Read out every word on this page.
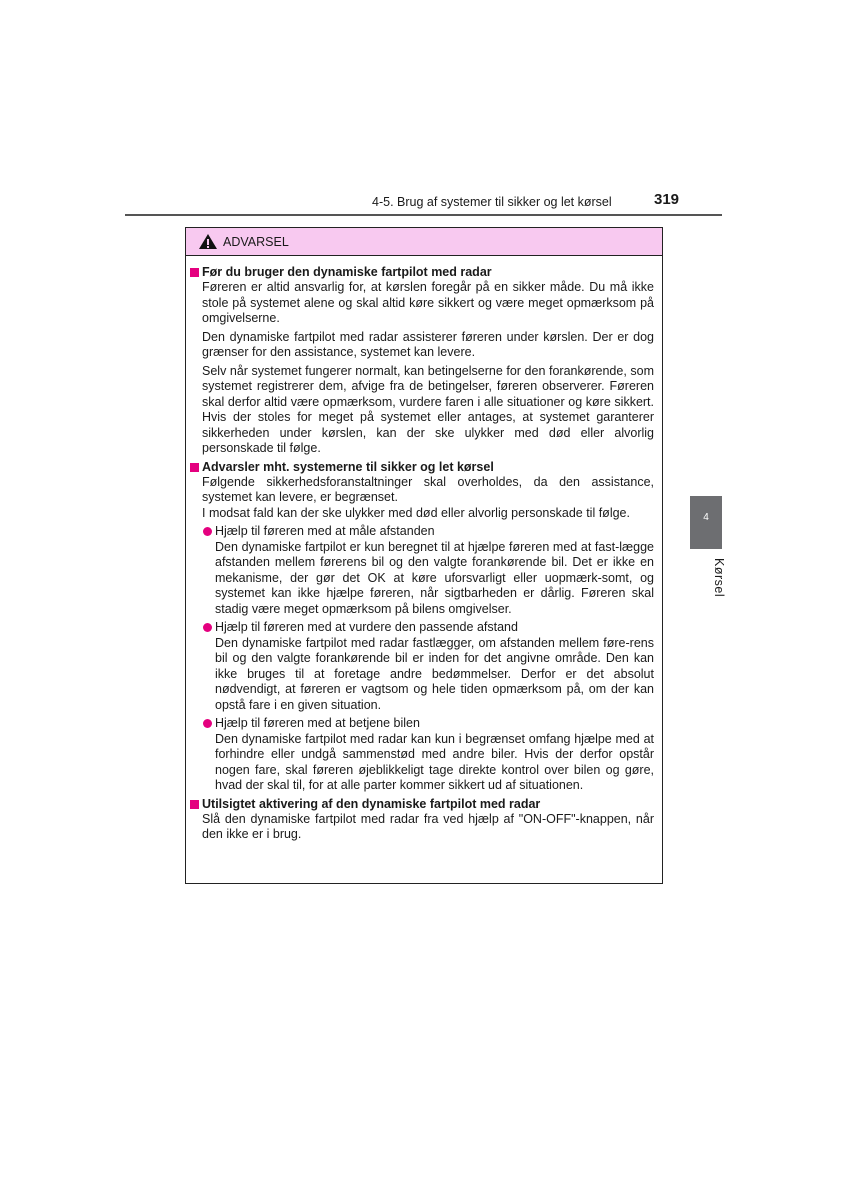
4-5. Brug af systemer til sikker og let kørsel	319
4
Kørsel
ADVARSEL
Før du bruger den dynamiske fartpilot med radar

Føreren er altid ansvarlig for, at kørslen foregår på en sikker måde. Du må ikke stole på systemet alene og skal altid køre sikkert og være meget opmærksom på omgivelserne.

Den dynamiske fartpilot med radar assisterer føreren under kørslen. Der er dog grænser for den assistance, systemet kan levere.

Selv når systemet fungerer normalt, kan betingelserne for den forankørende, som systemet registrerer dem, afvige fra de betingelser, føreren observerer. Føreren skal derfor altid være opmærksom, vurdere faren i alle situationer og køre sikkert. Hvis der stoles for meget på systemet eller antages, at systemet garanterer sikkerheden under kørslen, kan der ske ulykker med død eller alvorlig personskade til følge.

Advarsler mht. systemerne til sikker og let kørsel

Følgende sikkerhedsforanstaltninger skal overholdes, da den assistance, systemet kan levere, er begrænset.

I modsat fald kan der ske ulykker med død eller alvorlig personskade til følge.

Hjælp til føreren med at måle afstanden

Den dynamiske fartpilot er kun beregnet til at hjælpe føreren med at fast-lægge afstanden mellem førerens bil og den valgte forankørende bil. Det er ikke en mekanisme, der gør det OK at køre uforsvarligt eller uopmærk-somt, og systemet kan ikke hjælpe føreren, når sigtbarheden er dårlig. Føreren skal stadig være meget opmærksom på bilens omgivelser.

Hjælp til føreren med at vurdere den passende afstand

Den dynamiske fartpilot med radar fastlægger, om afstanden mellem føre-rens bil og den valgte forankørende bil er inden for det angivne område. Den kan ikke bruges til at foretage andre bedømmelser. Derfor er det absolut nødvendigt, at føreren er vagtsom og hele tiden opmærksom på, om der kan opstå fare i en given situation.

Hjælp til føreren med at betjene bilen

Den dynamiske fartpilot med radar kan kun i begrænset omfang hjælpe med at forhindre eller undgå sammenstød med andre biler. Hvis der derfor opstår nogen fare, skal føreren øjeblikkeligt tage direkte kontrol over bilen og gøre, hvad der skal til, for at alle parter kommer sikkert ud af situationen.

Utilsigtet aktivering af den dynamiske fartpilot med radar

Slå den dynamiske fartpilot med radar fra ved hjælp af "ON-OFF"-knappen, når den ikke er i brug.
